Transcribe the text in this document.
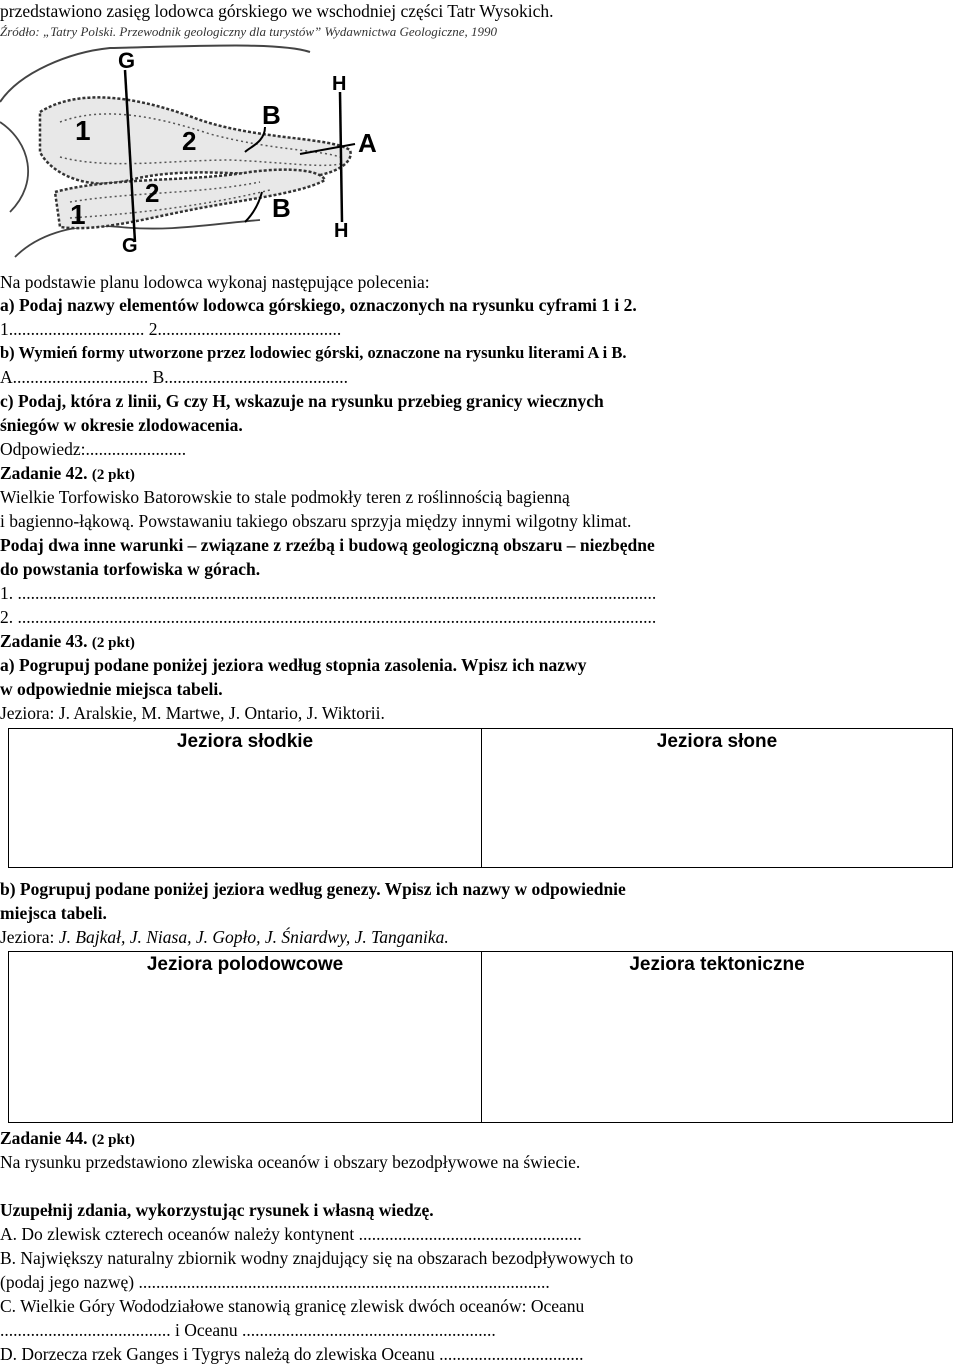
przedstawiono zasięg lodowca górskiego we wschodniej części Tatr Wysokich.
Źródło: „Tatry Polski. Przewodnik geologiczny dla turystów” Wydawnictwa Geologiczne, 1990
G
G
H
H
A
B
B
1
1
2
2
Na podstawie planu lodowca wykonaj następujące polecenia:
a) Podaj nazwy elementów lodowca górskiego, oznaczonych na rysunku cyframi 1 i 2.
1............................... 2..........................................
b) Wymień formy utworzone przez lodowiec górski, oznaczone na rysunku literami A i B.
A............................... B..........................................
c) Podaj, która z linii, G czy H, wskazuje na rysunku przebieg granicy wiecznych
śniegów w okresie zlodowacenia.
Odpowiedz:.......................
Zadanie 42. (2 pkt)
Wielkie Torfowisko Batorowskie to stale podmokły teren z roślinnością bagienną
i bagienno-łąkową. Powstawaniu takiego obszaru sprzyja między innymi wilgotny klimat.
Podaj dwa inne warunki – związane z rzeźbą i budową geologiczną obszaru – niezbędne
do powstania torfowiska w górach.
1. ..................................................................................................................................................
2. ..................................................................................................................................................
Zadanie 43. (2 pkt)
a) Pogrupuj podane poniżej jeziora według stopnia zasolenia. Wpisz ich nazwy
w odpowiednie miejsca tabeli.
Jeziora: J. Aralskie, M. Martwe, J. Ontario, J. Wiktorii.
Jeziora słodkie	Jeziora słone
b) Pogrupuj podane poniżej jeziora według genezy. Wpisz ich nazwy w odpowiednie
miejsca tabeli.
Jeziora: J. Bajkał, J. Niasa, J. Gopło, J. Śniardwy, J. Tanganika.
Jeziora polodowcowe	Jeziora tektoniczne
Zadanie 44. (2 pkt)
Na rysunku przedstawiono zlewiska oceanów i obszary bezodpływowe na świecie.
Uzupełnij zdania, wykorzystując rysunek i własną wiedzę.
A. Do zlewisk czterech oceanów należy kontynent ...................................................
B. Największy naturalny zbiornik wodny znajdujący się na obszarach bezodpływowych to
(podaj jego nazwę) ..............................................................................................
C. Wielkie Góry Wododziałowe stanowią granicę zlewisk dwóch oceanów: Oceanu
....................................... i Oceanu ..........................................................
D. Dorzecza rzek Ganges i Tygrys należą do zlewiska Oceanu .................................
